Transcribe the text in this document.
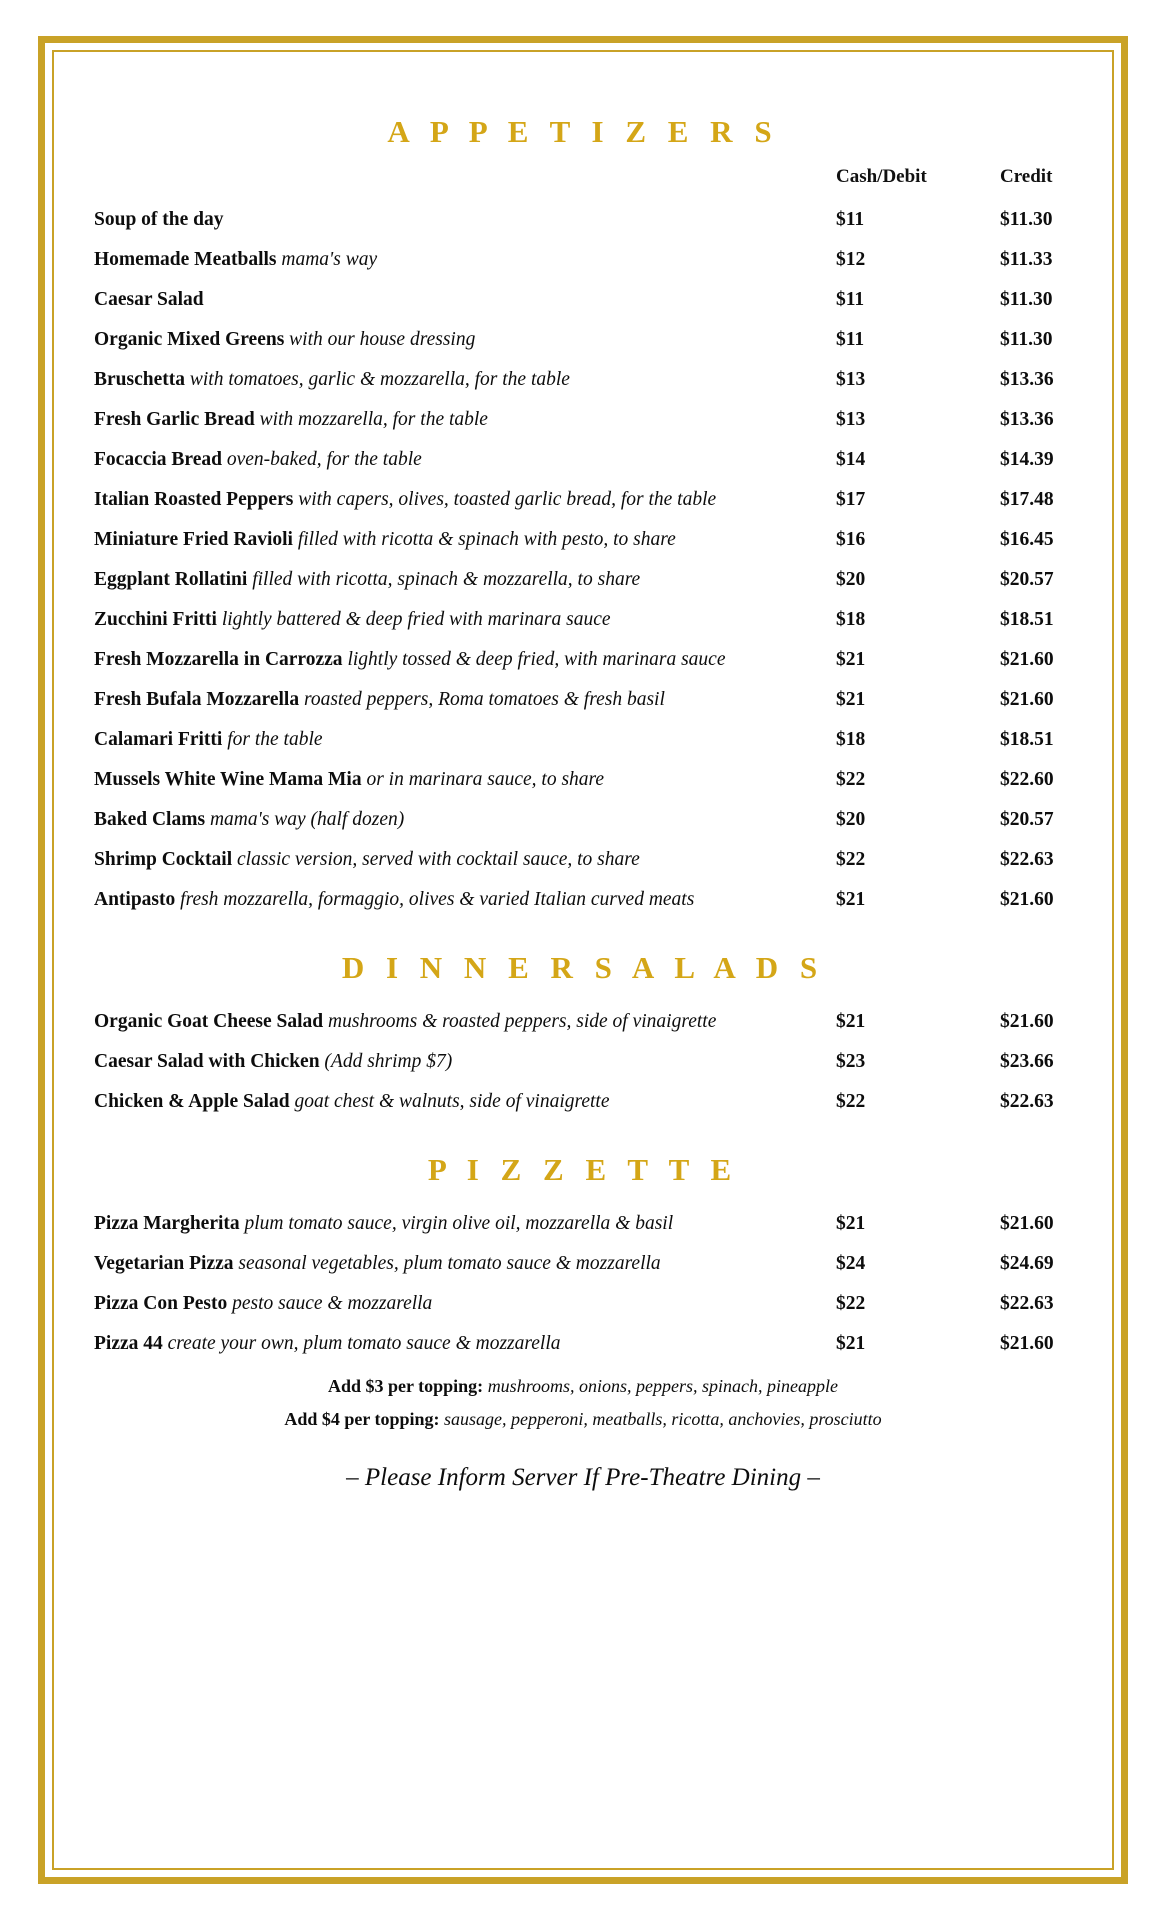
A P P E T I Z E R S
Cash/Debit	Credit
Soup of the day	$11	$11.30
Homemade Meatballs mama's way	$12	$11.33
Caesar Salad	$11	$11.30
Organic Mixed Greens with our house dressing	$11	$11.30
Bruschetta with tomatoes, garlic & mozzarella, for the table	$13	$13.36
Fresh Garlic Bread with mozzarella, for the table	$13	$13.36
Focaccia Bread oven-baked, for the table	$14	$14.39
Italian Roasted Peppers with capers, olives, toasted garlic bread, for the table	$17	$17.48
Miniature Fried Ravioli filled with ricotta & spinach with pesto, to share	$16	$16.45
Eggplant Rollatini filled with ricotta, spinach & mozzarella, to share	$20	$20.57
Zucchini Fritti lightly battered & deep fried with marinara sauce	$18	$18.51
Fresh Mozzarella in Carrozza lightly tossed & deep fried, with marinara sauce	$21	$21.60
Fresh Bufala Mozzarella roasted peppers, Roma tomatoes & fresh basil	$21	$21.60
Calamari Fritti for the table	$18	$18.51
Mussels White Wine Mama Mia or in marinara sauce, to share	$22	$22.60
Baked Clams mama's way (half dozen)	$20	$20.57
Shrimp Cocktail classic version, served with cocktail sauce, to share	$22	$22.63
Antipasto fresh mozzarella, formaggio, olives & varied Italian curved meats	$21	$21.60
D I N N E R S A L A D S
Organic Goat Cheese Salad mushrooms & roasted peppers, side of vinaigrette	$21	$21.60
Caesar Salad with Chicken (Add shrimp $7)	$23	$23.66
Chicken & Apple Salad goat chest & walnuts, side of vinaigrette	$22	$22.63
P I Z Z E T T E
Pizza Margherita plum tomato sauce, virgin olive oil, mozzarella & basil	$21	$21.60
Vegetarian Pizza seasonal vegetables, plum tomato sauce & mozzarella	$24	$24.69
Pizza Con Pesto pesto sauce & mozzarella	$22	$22.63
Pizza 44 create your own, plum tomato sauce & mozzarella	$21	$21.60
Add $3 per topping: mushrooms, onions, peppers, spinach, pineapple
Add $4 per topping: sausage, pepperoni, meatballs, ricotta, anchovies, prosciutto
– Please Inform Server If Pre-Theatre Dining –
